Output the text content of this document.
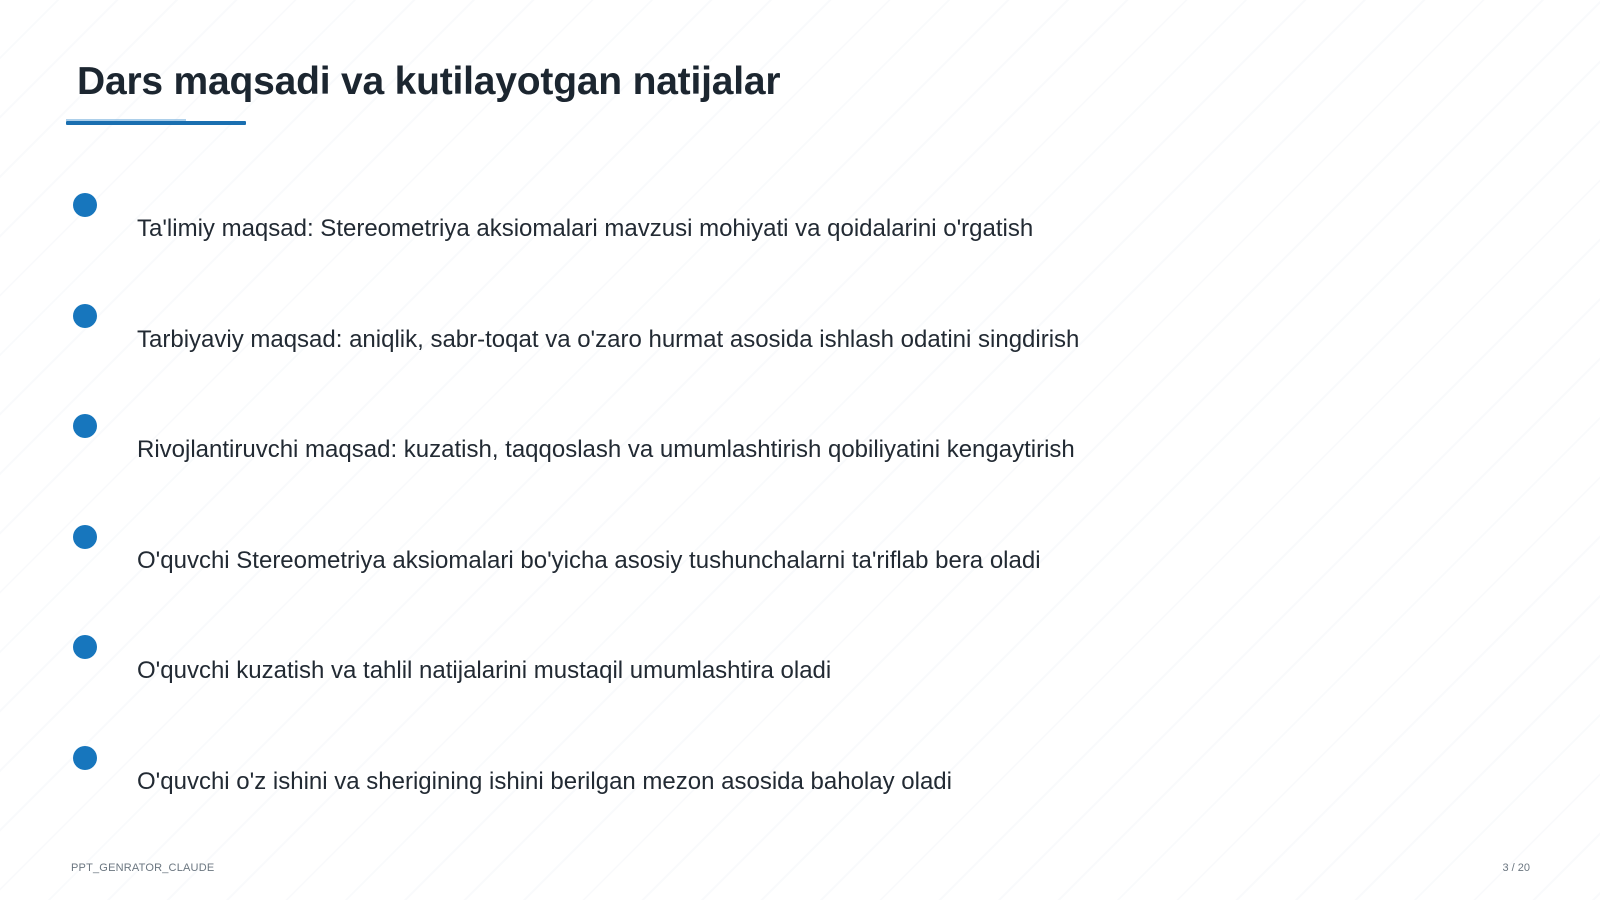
Dars maqsadi va kutilayotgan natijalar
Ta'limiy maqsad: Stereometriya aksiomalari mavzusi mohiyati va qoidalarini o'rgatish
Tarbiyaviy maqsad: aniqlik, sabr-toqat va o'zaro hurmat asosida ishlash odatini singdirish
Rivojlantiruvchi maqsad: kuzatish, taqqoslash va umumlashtirish qobiliyatini kengaytirish
O'quvchi Stereometriya aksiomalari bo'yicha asosiy tushunchalarni ta'riflab bera oladi
O'quvchi kuzatish va tahlil natijalarini mustaqil umumlashtira oladi
O'quvchi o'z ishini va sherigining ishini berilgan mezon asosida baholay oladi
PPT_GENRATOR_CLAUDE	3 / 20
